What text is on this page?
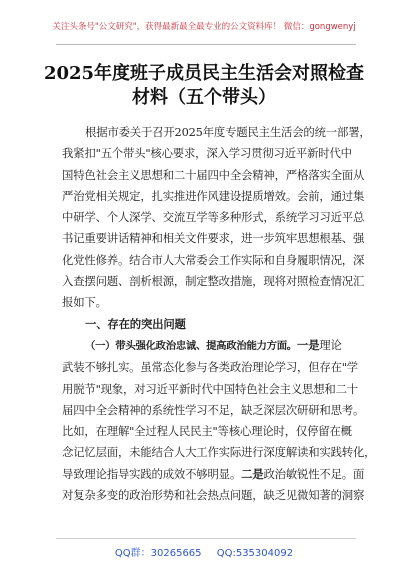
关注头条号"公文研究"，获得最新最全最专业的公文资料库！ 微信：gongwenyj
2025年度班子成员民主生活会对照检查
材料（五个带头）
根据市委关于召开2025年度专题民主生活会的统一部署，
我紧扣"五个带头"核心要求，深入学习贯彻习近平新时代中
国特色社会主义思想和二十届四中全会精神，严格落实全面从
严治党相关规定，扎实推进作风建设提质增效。会前，通过集
中研学、个人深学、交流互学等多种形式，系统学习习近平总
书记重要讲话精神和相关文件要求，进一步筑牢思想根基、强
化党性修养。结合市人大常委会工作实际和自身履职情况，深
入查摆问题、剖析根源，制定整改措施，现将对照检查情况汇
报如下。
一、存在的突出问题
（一）带头强化政治忠诚、提高政治能力方面。一是理论
武装不够扎实。虽常态化参与各类政治理论学习，但存在"学
用脱节"现象，对习近平新时代中国特色社会主义思想和二十
届四中全会精神的系统性学习不足，缺乏深层次研研和思考。
比如，在理解"全过程人民民主"等核心理论时，仅停留在概
念记忆层面，未能结合人大工作实际进行深度解读和实践转化，
导致理论指导实践的成效不够明显。二是政治敏锐性不足。面
对复杂多变的政治形势和社会热点问题，缺乏见微知著的洞察
QQ群：30265665 QQ:535304092
